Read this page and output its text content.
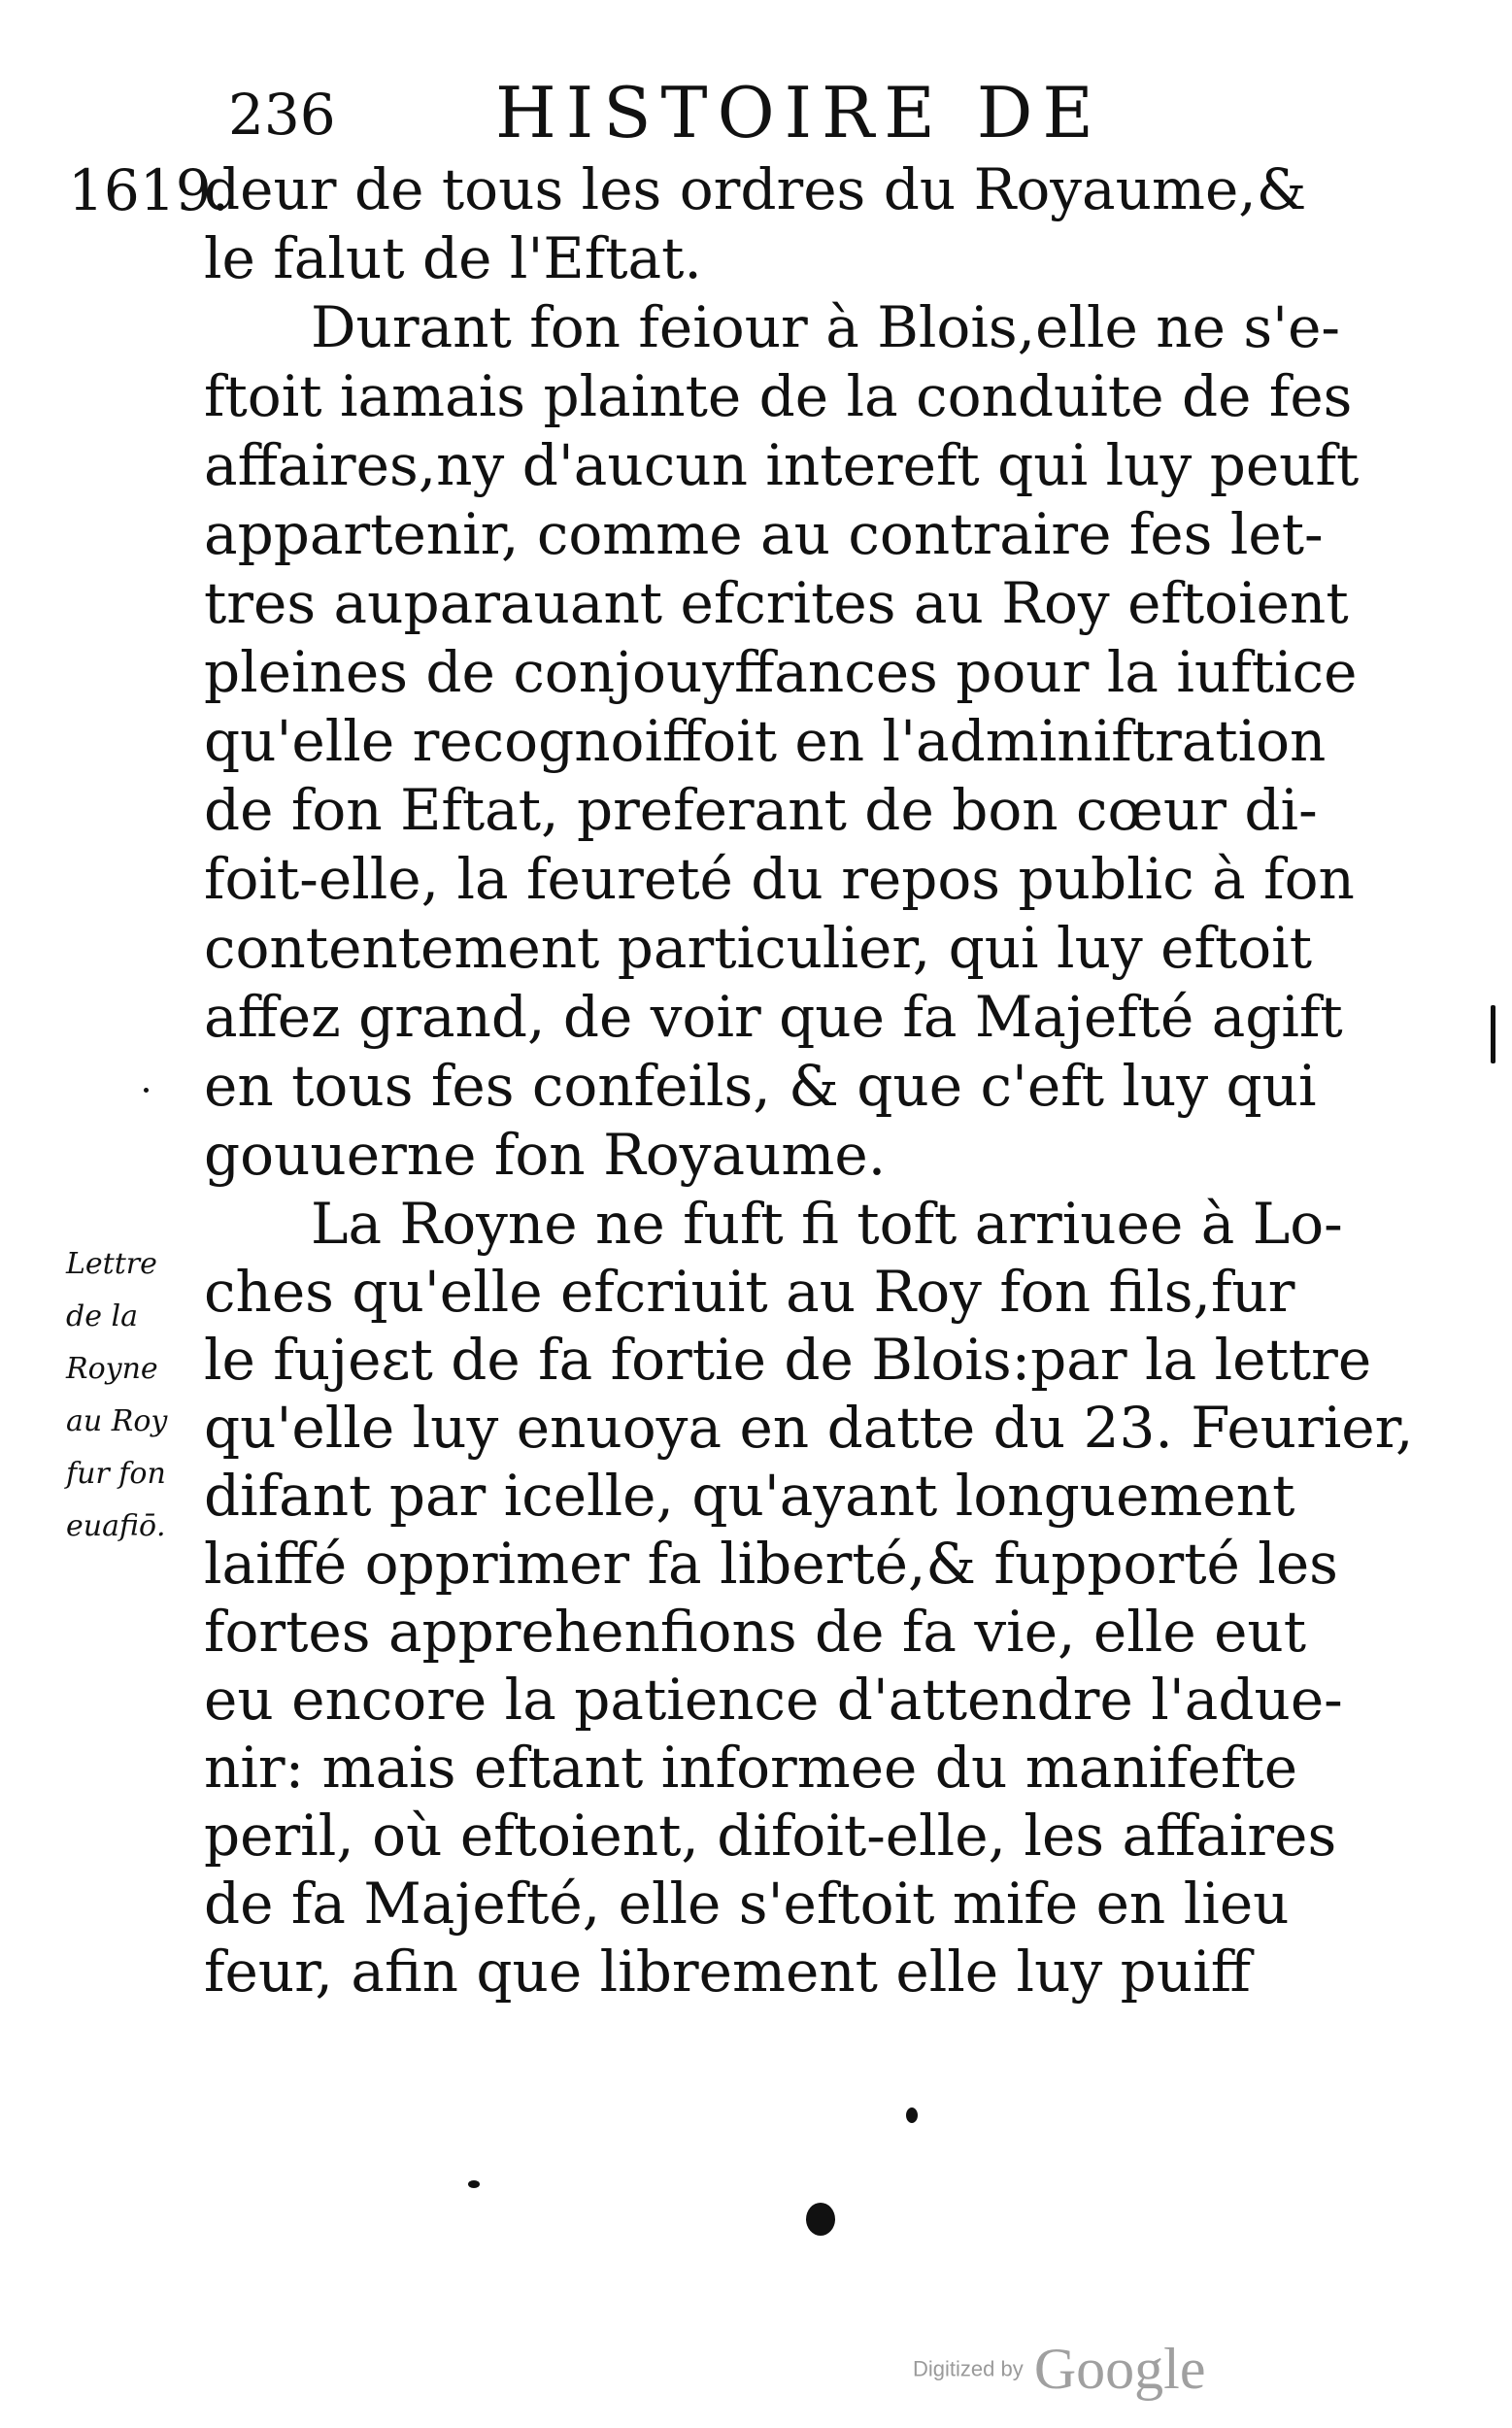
236 HISTOIRE DE
1619.
deur de tous les ordres du Royaume,&
le falut de l'Eftat.
Durant fon feiour à Blois,elle ne s'e-
ftoit iamais plainte de la conduite de fes
affaires,ny d'aucun intereft qui luy peuft
appartenir, comme au contraire fes let-
tres auparauant efcrites au Roy eftoient
pleines de conjouyffances pour la iuftice
qu'elle recognoiffoit en l'adminiftration
de fon Eftat, preferant de bon cœur di-
foit-elle, la feureté du repos public à fon
contentement particulier, qui luy eftoit
affez grand, de voir que fa Majefté agift
en tous fes confeils, & que c'eft luy qui
gouuerne fon Royaume.
La Royne ne fuft fi toft arriuee à Lo-
ches qu'elle efcriuit au Roy fon fils,fur
le fujeɛt de fa fortie de Blois:par la lettre
qu'elle luy enuoya en datte du 23. Feurier,
difant par icelle, qu'ayant longuement
laiffé opprimer fa liberté,& fupporté les
fortes apprehenfions de fa vie, elle eut
eu encore la patience d'attendre l'adue-
nir: mais eftant informee du manifefte
peril, où eftoient, difoit-elle, les affaires
de fa Majefté, elle s'eftoit mife en lieu
feur, afin que librement elle luy puiff
Lettre
de la
Royne
au Roy
fur fon
euafiō.
Digitized by Google
